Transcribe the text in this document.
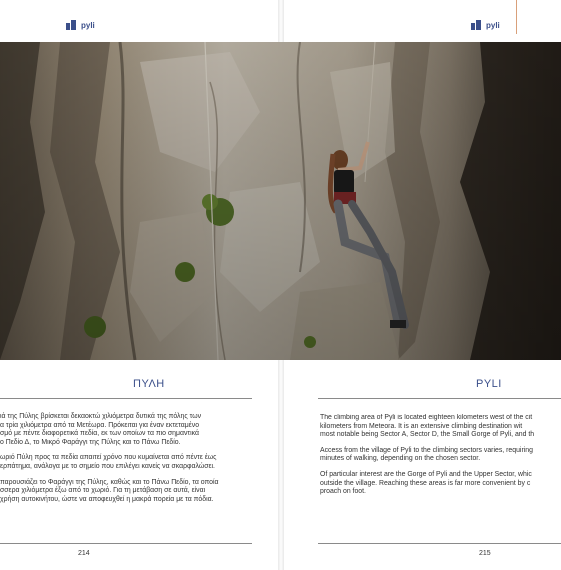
pyli	pyli
ΠΥΛΗ	PYLI

ιά της Πύλης βρίσκεται δεκαοκτώ χιλιόμετρα δυτικά της πόλης των
α τρία χιλιόμετρα από τα Μετέωρα. Πρόκειται για έναν εκτεταμένο
σμό με πέντε διαφορετικά πεδία, εκ των οποίων τα πιο σημαντικά
ο Πεδίο Δ, το Μικρό Φαράγγι της Πύλης και το Πάνω Πεδίο.

ωριό Πύλη προς τα πεδία απαιτεί χρόνο που κυμαίνεται από πέντε έως
ερπάτημα, ανάλογα με το σημείο που επιλέγει κανείς να σκαρφαλώσει.

παρουσιάζει το Φαράγγι της Πύλης, καθώς και το Πάνω Πεδίο, τα οποία
σσερα χιλιόμετρα έξω από το χωριό. Για τη μετάβαση σε αυτά, είναι
χρήση αυτοκινήτου, ώστε να αποφευχθεί η μακρά πορεία με τα πόδια.

The climbing area of Pyli is located eighteen kilometers west of the cit
kilometers from Meteora. It is an extensive climbing destination wit
most notable being Sector A, Sector D, the Small Gorge of Pyli, and th

Access from the village of Pyli to the climbing sectors varies, requiring
minutes of walking, depending on the chosen sector.

Of particular interest are the Gorge of Pyli and the Upper Sector, whic
outside the village. Reaching these areas is far more convenient by c
proach on foot.

214	215
